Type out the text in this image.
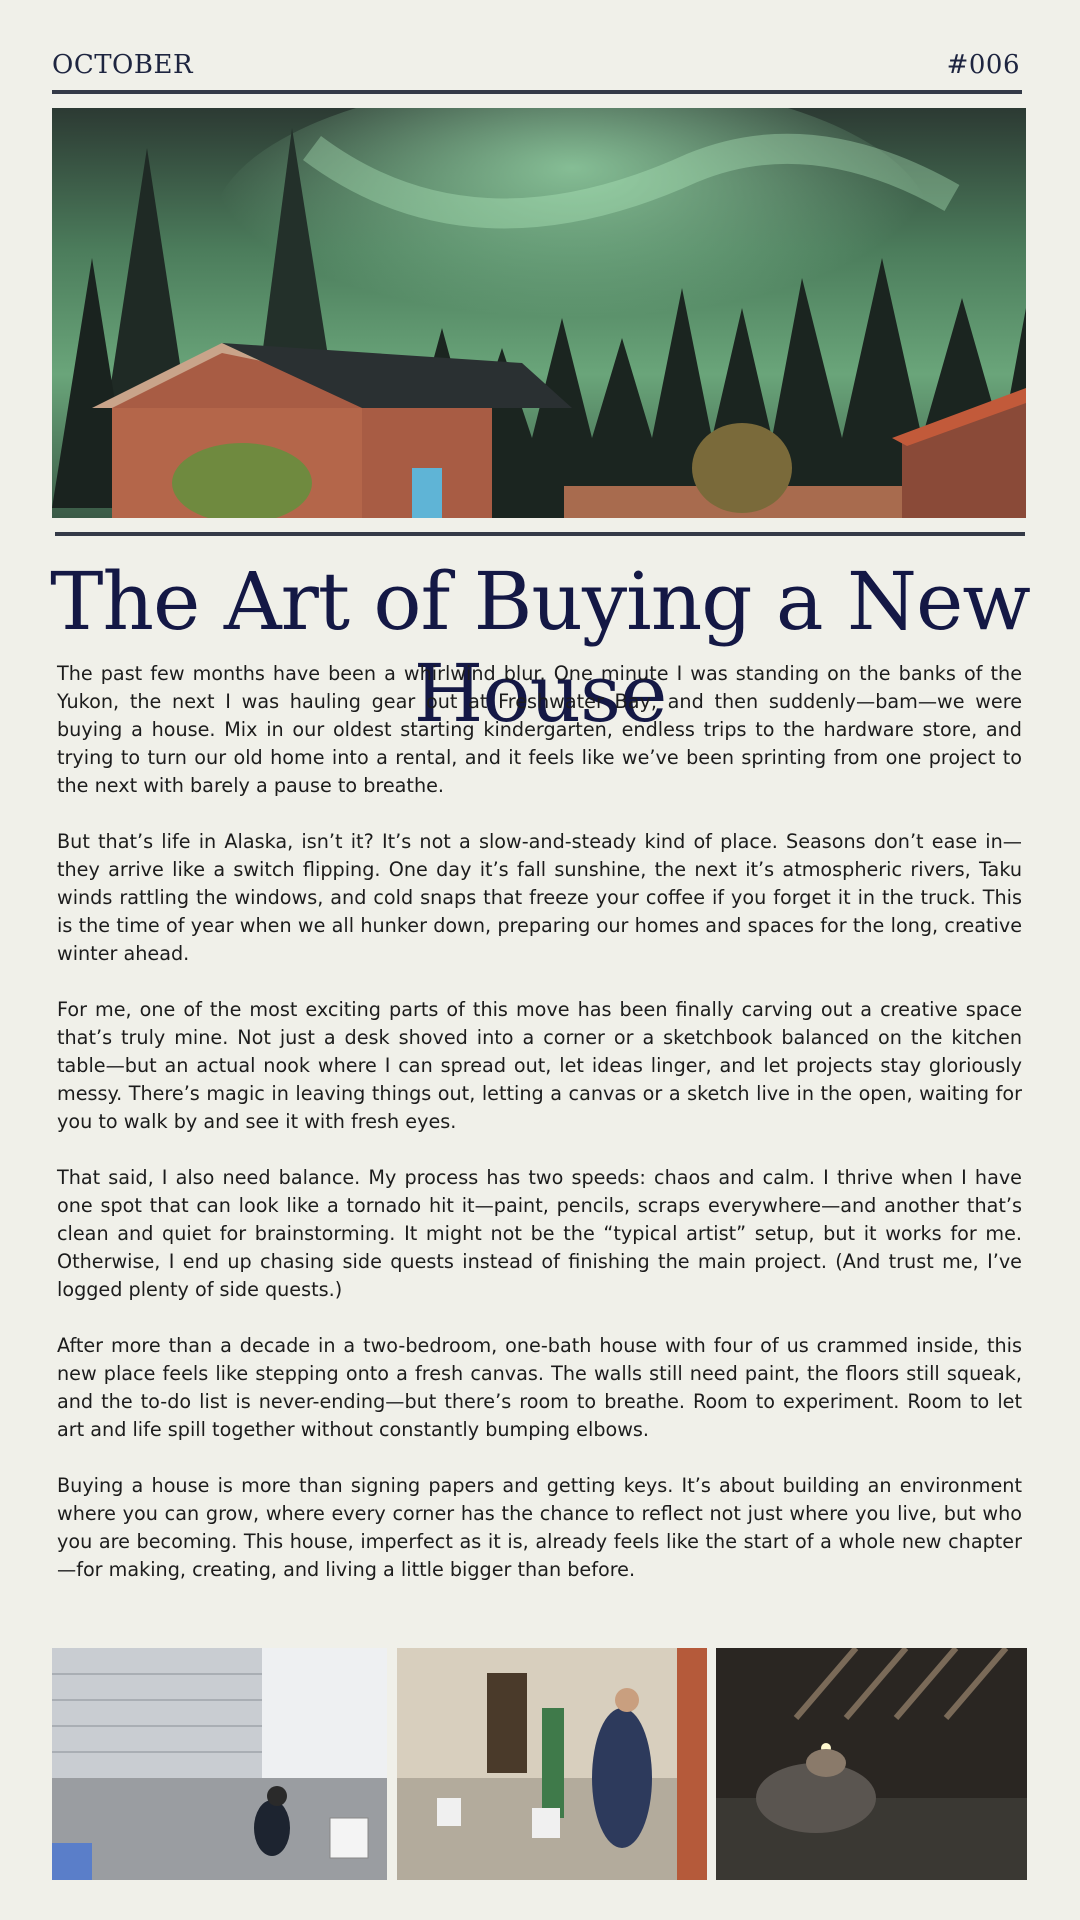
OCTOBER	#006
The Art of Buying a New House

The past few months have been a whirlwind blur. One minute I was standing on the banks of the Yukon, the next I was hauling gear out at Freshwater Bay, and then suddenly—bam—we were buying a house. Mix in our oldest starting kindergarten, endless trips to the hardware store, and trying to turn our old home into a rental, and it feels like we’ve been sprinting from one project to the next with barely a pause to breathe.

But that’s life in Alaska, isn’t it? It’s not a slow-and-steady kind of place. Seasons don’t ease in—they arrive like a switch flipping. One day it’s fall sunshine, the next it’s atmospheric rivers, Taku winds rattling the windows, and cold snaps that freeze your coffee if you forget it in the truck. This is the time of year when we all hunker down, preparing our homes and spaces for the long, creative winter ahead.

For me, one of the most exciting parts of this move has been finally carving out a creative space that’s truly mine. Not just a desk shoved into a corner or a sketchbook balanced on the kitchen table—but an actual nook where I can spread out, let ideas linger, and let projects stay gloriously messy. There’s magic in leaving things out, letting a canvas or a sketch live in the open, waiting for you to walk by and see it with fresh eyes.

That said, I also need balance. My process has two speeds: chaos and calm. I thrive when I have one spot that can look like a tornado hit it—paint, pencils, scraps everywhere—and another that’s clean and quiet for brainstorming. It might not be the “typical artist” setup, but it works for me. Otherwise, I end up chasing side quests instead of finishing the main project. (And trust me, I’ve logged plenty of side quests.)

After more than a decade in a two-bedroom, one-bath house with four of us crammed inside, this new place feels like stepping onto a fresh canvas. The walls still need paint, the floors still squeak, and the to-do list is never-ending—but there’s room to breathe. Room to experiment. Room to let art and life spill together without constantly bumping elbows.

Buying a house is more than signing papers and getting keys. It’s about building an environment where you can grow, where every corner has the chance to reflect not just where you live, but who you are becoming. This house, imperfect as it is, already feels like the start of a whole new chapter—for making, creating, and living a little bigger than before.
